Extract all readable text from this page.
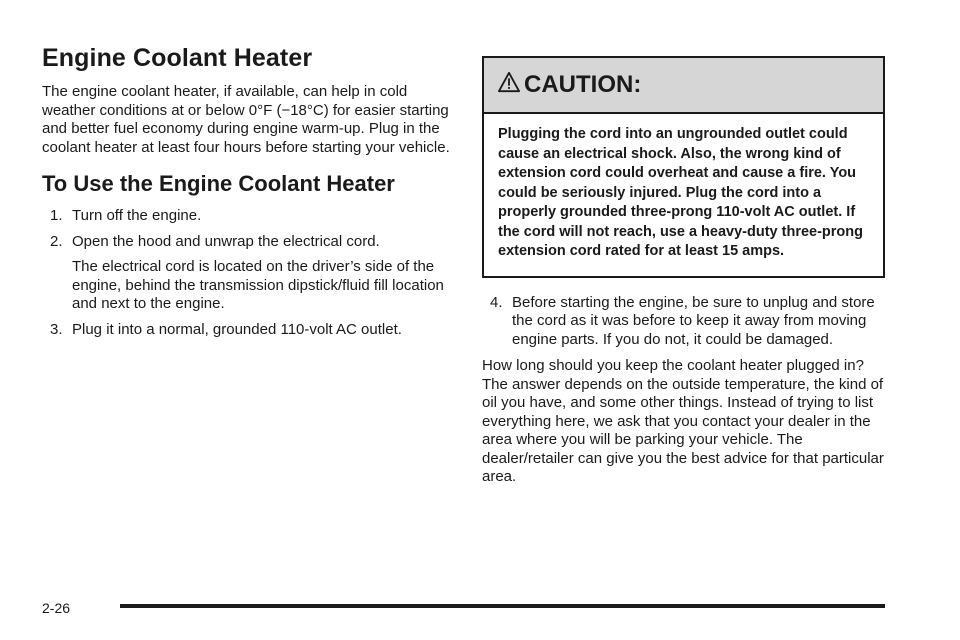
Engine Coolant Heater

The engine coolant heater, if available, can help in cold weather conditions at or below 0°F (−18°C) for easier starting and better fuel economy during engine warm-up. Plug in the coolant heater at least four hours before starting your vehicle.

To Use the Engine Coolant Heater
1. Turn off the engine.
2. Open the hood and unwrap the electrical cord.

The electrical cord is located on the driver’s side of the engine, behind the transmission dipstick/fluid fill location and next to the engine.

3. Plug it into a normal, grounded 110-volt AC outlet.
CAUTION:
Plugging the cord into an ungrounded outlet could cause an electrical shock. Also, the wrong kind of extension cord could overheat and cause a fire. You could be seriously injured. Plug the cord into a properly grounded three-prong 110-volt AC outlet. If the cord will not reach, use a heavy-duty three-prong extension cord rated for at least 15 amps.
4. Before starting the engine, be sure to unplug and store the cord as it was before to keep it away from moving engine parts. If you do not, it could be damaged.

How long should you keep the coolant heater plugged in? The answer depends on the outside temperature, the kind of oil you have, and some other things. Instead of trying to list everything here, we ask that you contact your dealer in the area where you will be parking your vehicle. The dealer/retailer can give you the best advice for that particular area.

2-26
